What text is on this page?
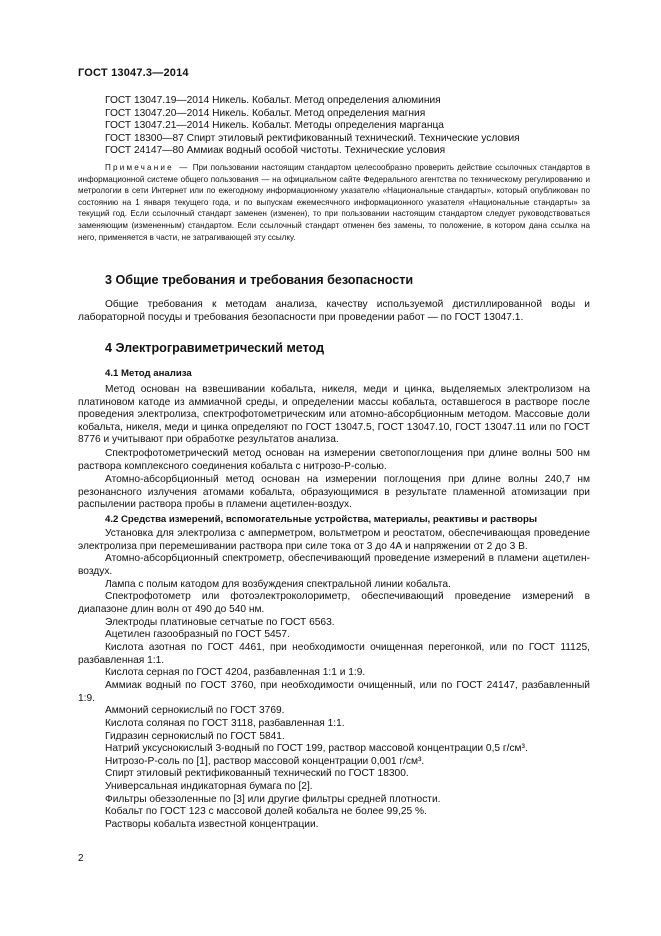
ГОСТ 13047.3—2014
ГОСТ 13047.19—2014 Никель. Кобальт. Метод определения алюминия
ГОСТ 13047.20—2014 Никель. Кобальт. Метод определения магния
ГОСТ 13047.21—2014 Никель. Кобальт. Методы определения марганца
ГОСТ 18300—87 Спирт этиловый ректификованный технический. Технические условия
ГОСТ 24147—80 Аммиак водный особой чистоты. Технические условия
Примечание — При пользовании настоящим стандартом целесообразно проверить действие ссылочных стандартов в информационной системе общего пользования — на официальном сайте Федерального агентства по техническому регулированию и метрологии в сети Интернет или по ежегодному информационному указателю «Национальные стандарты», который опубликован по состоянию на 1 января текущего года, и по выпускам ежемесячного информационного указателя «Национальные стандарты» за текущий год. Если ссылочный стандарт заменен (изменен), то при пользовании настоящим стандартом следует руководствоваться заменяющим (измененным) стандартом. Если ссылочный стандарт отменен без замены, то положение, в котором дана ссылка на него, применяется в части, не затрагивающей эту ссылку.
3 Общие требования и требования безопасности
Общие требования к методам анализа, качеству используемой дистиллированной воды и лабораторной посуды и требования безопасности при проведении работ — по ГОСТ 13047.1.
4 Электрогравиметрический метод
4.1 Метод анализа
Метод основан на взвешивании кобальта, никеля, меди и цинка, выделяемых электролизом на платиновом катоде из аммиачной среды, и определении массы кобальта, оставшегося в растворе после проведения электролиза, спектрофотометрическим или атомно-абсорбционным методом. Массовые доли кобальта, никеля, меди и цинка определяют по ГОСТ 13047.5, ГОСТ 13047.10, ГОСТ 13047.11 или по ГОСТ 8776 и учитывают при обработке результатов анализа.
Спектрофотометрический метод основан на измерении светопоглощения при длине волны 500 нм раствора комплексного соединения кобальта с нитрозо-Р-солью.
Атомно-абсорбционный метод основан на измерении поглощения при длине волны 240,7 нм резонансного излучения атомами кобальта, образующимися в результате пламенной атомизации при распылении раствора пробы в пламени ацетилен-воздух.
4.2 Средства измерений, вспомогательные устройства, материалы, реактивы и растворы

Установка для электролиза с амперметром, вольтметром и реостатом, обеспечивающая проведение электролиза при перемешивании раствора при силе тока от 3 до 4А и напряжении от 2 до 3 В.

Атомно-абсорбционный спектрометр, обеспечивающий проведение измерений в пламени ацетилен-воздух.

Лампа с полым катодом для возбуждения спектральной линии кобальта.

Спектрофотометр или фотоэлектроколориметр, обеспечивающий проведение измерений в диапазоне длин волн от 490 до 540 нм.

Электроды платиновые сетчатые по ГОСТ 6563.

Ацетилен газообразный по ГОСТ 5457.

Кислота азотная по ГОСТ 4461, при необходимости очищенная перегонкой, или по ГОСТ 11125, разбавленная 1:1.

Кислота серная по ГОСТ 4204, разбавленная 1:1 и 1:9.

Аммиак водный по ГОСТ 3760, при необходимости очищенный, или по ГОСТ 24147, разбавленный 1:9.

Аммоний сернокислый по ГОСТ 3769.

Кислота соляная по ГОСТ 3118, разбавленная 1:1.

Гидразин сернокислый по ГОСТ 5841.

Натрий уксуснокислый 3-водный по ГОСТ 199, раствор массовой концентрации 0,5 г/см³.

Нитрозо-Р-соль по [1], раствор массовой концентрации 0,001 г/см³.

Спирт этиловый ректификованный технический по ГОСТ 18300.

Универсальная индикаторная бумага по [2].

Фильтры обеззоленные по [3] или другие фильтры средней плотности.

Кобальт по ГОСТ 123 с массовой долей кобальта не более 99,25 %.

Растворы кобальта известной концентрации.

2
